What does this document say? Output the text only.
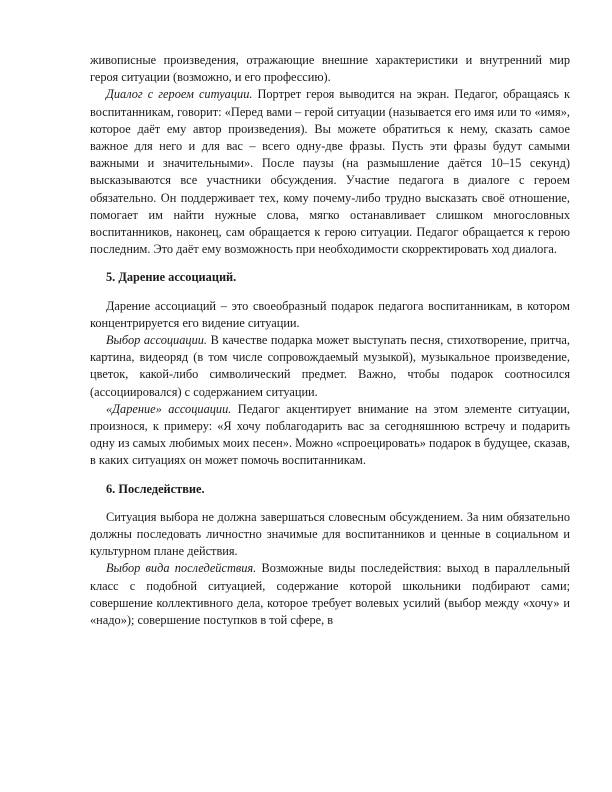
живописные произведения, отражающие внешние характеристики и внутренний мир героя ситуации (возможно, и его профессию).

Диалог с героем ситуации. Портрет героя выводится на экран. Педагог, обращаясь к воспитанникам, говорит: «Перед вами – герой ситуации (называется его имя или то «имя», которое даёт ему автор произведения). Вы можете обратиться к нему, сказать самое важное для него и для вас – всего одну-две фразы. Пусть эти фразы будут самыми важными и значительными». После паузы (на размышление даётся 10–15 секунд) высказываются все участники обсуждения. Участие педагога в диалоге с героем обязательно. Он поддерживает тех, кому почему-либо трудно высказать своё отношение, помогает им найти нужные слова, мягко останавливает слишком многословных воспитанников, наконец, сам обращается к герою ситуации. Педагог обращается к герою последним. Это даёт ему возможность при необходимости скорректировать ход диалога.

5. Дарение ассоциаций.

Дарение ассоциаций – это своеобразный подарок педагога воспитанникам, в котором концентрируется его видение ситуации.

Выбор ассоциации. В качестве подарка может выступать песня, стихотворение, притча, картина, видеоряд (в том числе сопровождаемый музыкой), музыкальное произведение, цветок, какой-либо символический предмет. Важно, чтобы подарок соотносился (ассоциировался) с содержанием ситуации.

«Дарение» ассоциации. Педагог акцентирует внимание на этом элементе ситуации, произнося, к примеру: «Я хочу поблагодарить вас за сегодняшнюю встречу и подарить одну из самых любимых моих песен». Можно «спроецировать» подарок в будущее, сказав, в каких ситуациях он может помочь воспитанникам.

6. Последействие.

Ситуация выбора не должна завершаться словесным обсуждением. За ним обязательно должны последовать личностно значимые для воспитанников и ценные в социальном и культурном плане действия.

Выбор вида последействия. Возможные виды последействия: выход в параллельный класс с подобной ситуацией, содержание которой школьники подбирают сами; совершение коллективного дела, которое требует волевых усилий (выбор между «хочу» и «надо»); совершение поступков в той сфере, в
